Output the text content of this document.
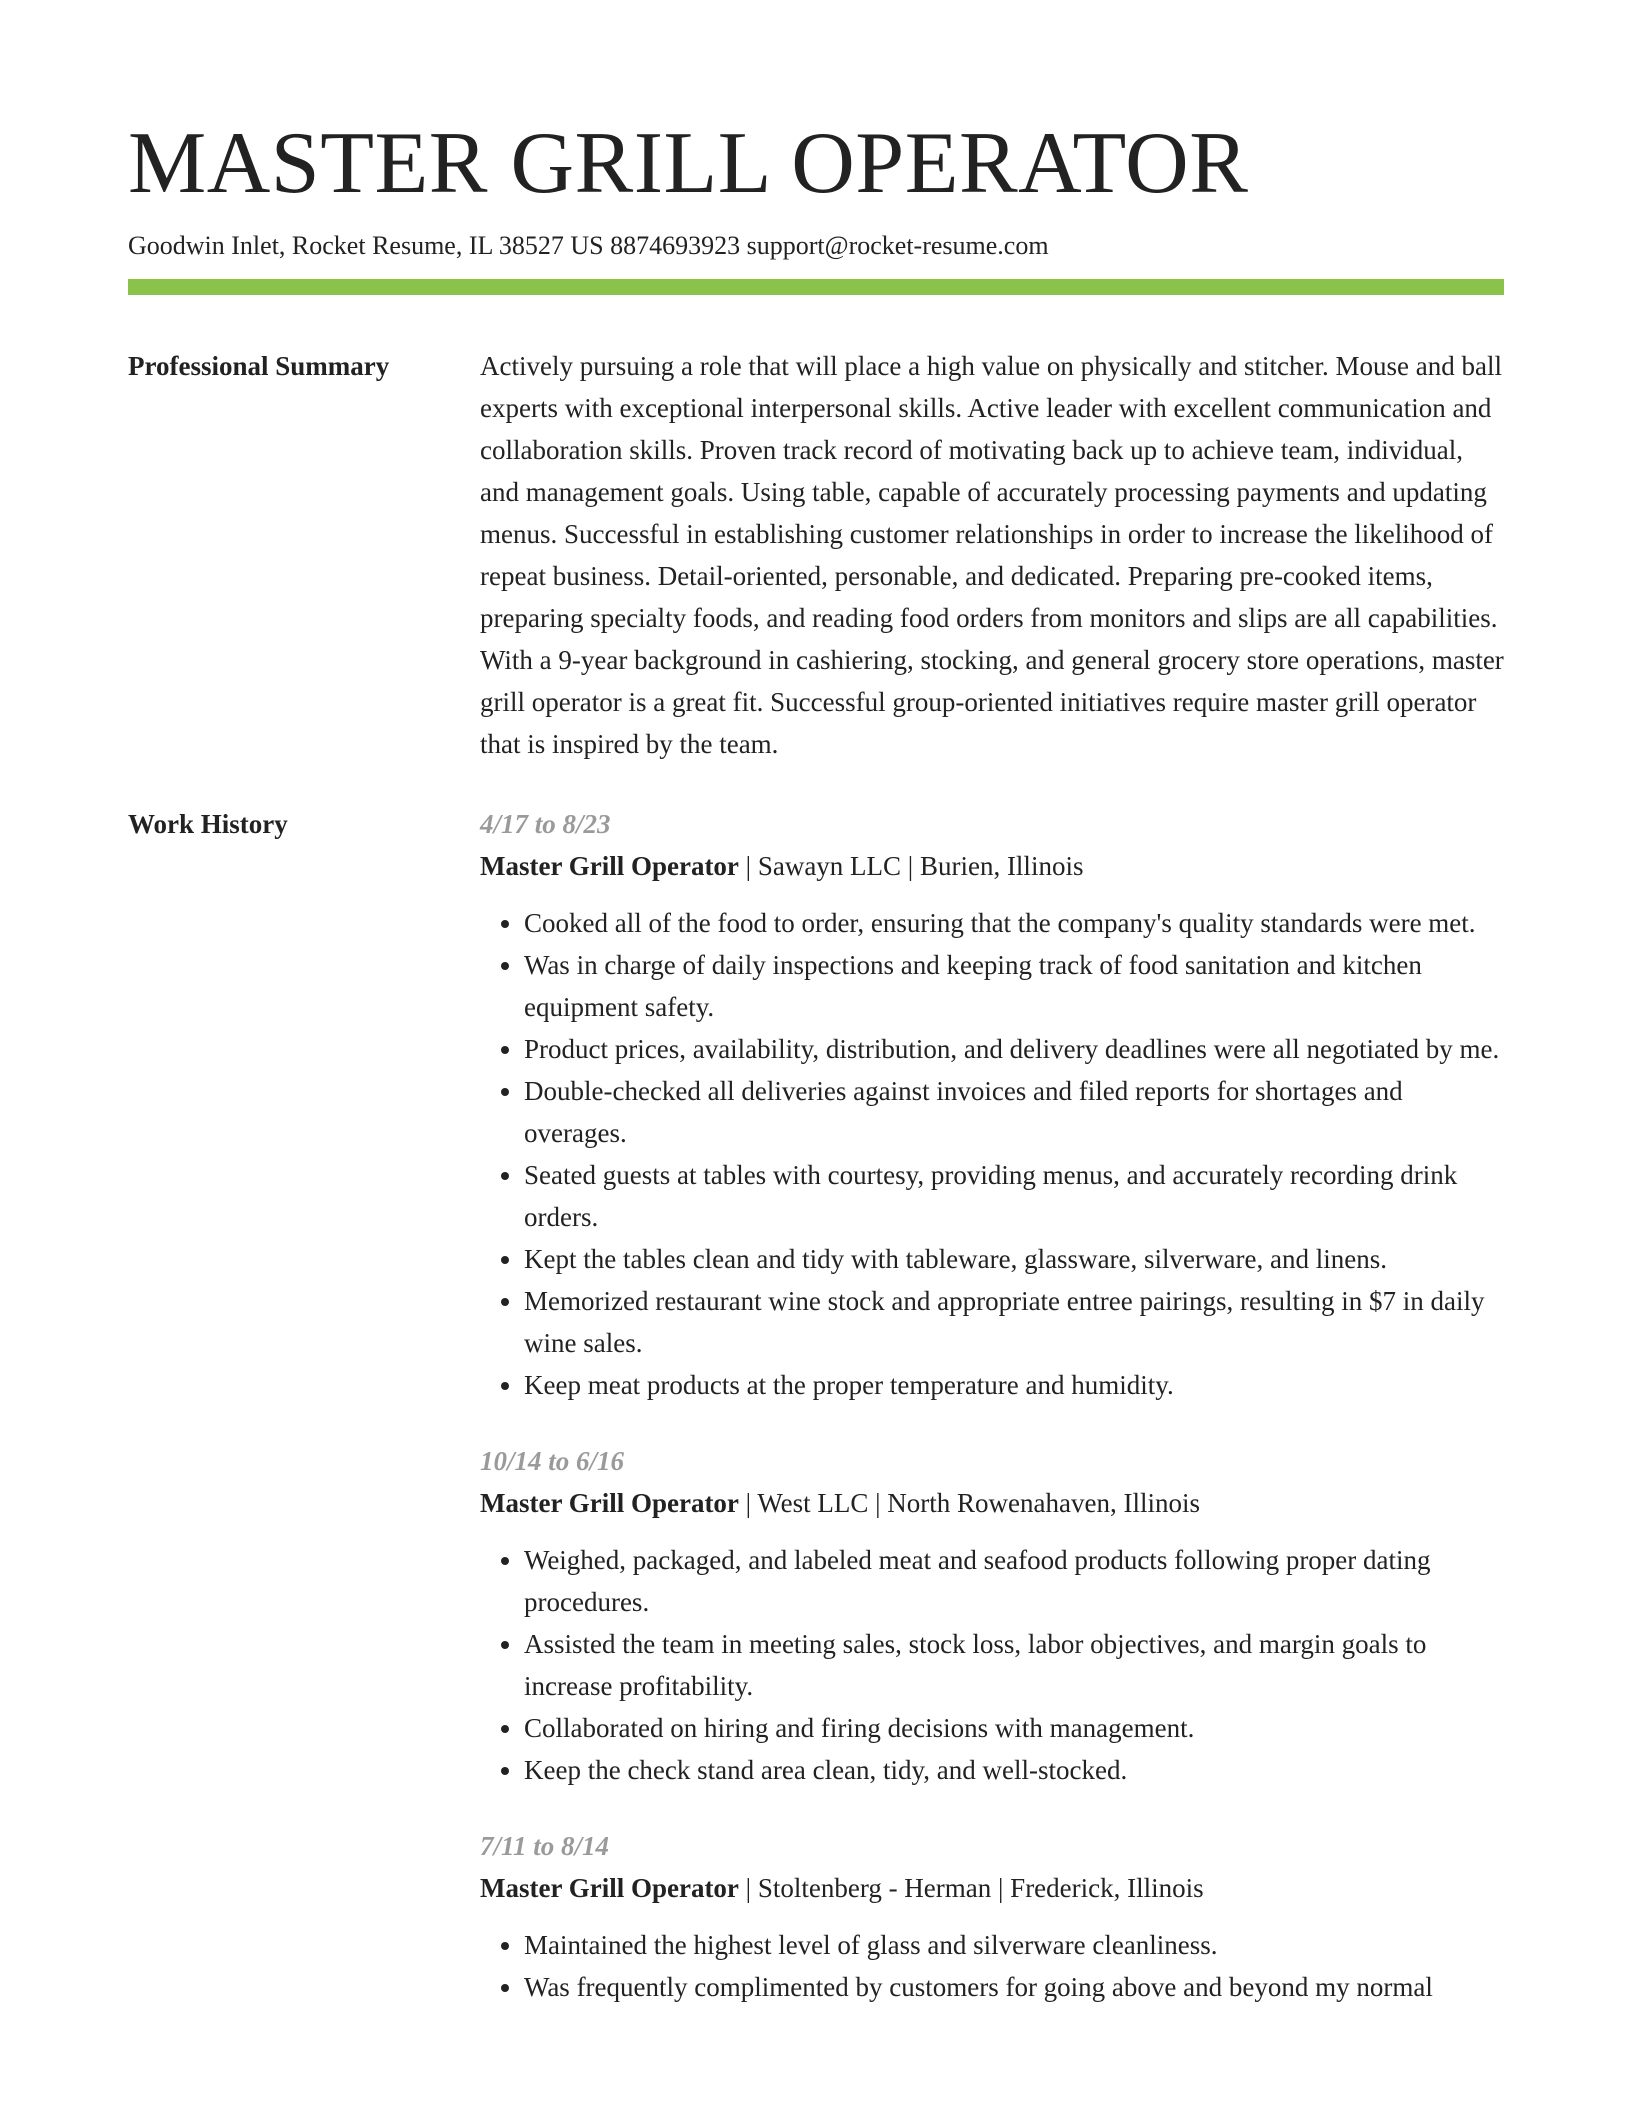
MASTER GRILL OPERATOR
Goodwin Inlet, Rocket Resume, IL 38527 US 8874693923 support@rocket-resume.com
Professional Summary	Actively pursuing a role that will place a high value on physically and stitcher. Mouse and ball experts with exceptional interpersonal skills. Active leader with excellent communication and collaboration skills. Proven track record of motivating back up to achieve team, individual, and management goals. Using table, capable of accurately processing payments and updating menus. Successful in establishing customer relationships in order to increase the likelihood of repeat business. Detail-oriented, personable, and dedicated. Preparing pre-cooked items, preparing specialty foods, and reading food orders from monitors and slips are all capabilities. With a 9-year background in cashiering, stocking, and general grocery store operations, master grill operator is a great fit. Successful group-oriented initiatives require master grill operator that is inspired by the team.

Work History	4/17 to 8/23
Master Grill Operator | Sawayn LLC | Burien, Illinois
• Cooked all of the food to order, ensuring that the company's quality standards were met.
• Was in charge of daily inspections and keeping track of food sanitation and kitchen equipment safety.
• Product prices, availability, distribution, and delivery deadlines were all negotiated by me.
• Double-checked all deliveries against invoices and filed reports for shortages and overages.
• Seated guests at tables with courtesy, providing menus, and accurately recording drink orders.
• Kept the tables clean and tidy with tableware, glassware, silverware, and linens.
• Memorized restaurant wine stock and appropriate entree pairings, resulting in $7 in daily wine sales.
• Keep meat products at the proper temperature and humidity.
10/14 to 6/16
Master Grill Operator | West LLC | North Rowenahaven, Illinois
• Weighed, packaged, and labeled meat and seafood products following proper dating procedures.
• Assisted the team in meeting sales, stock loss, labor objectives, and margin goals to increase profitability.
• Collaborated on hiring and firing decisions with management.
• Keep the check stand area clean, tidy, and well-stocked.
7/11 to 8/14
Master Grill Operator | Stoltenberg - Herman | Frederick, Illinois
• Maintained the highest level of glass and silverware cleanliness.
• Was frequently complimented by customers for going above and beyond my normal
